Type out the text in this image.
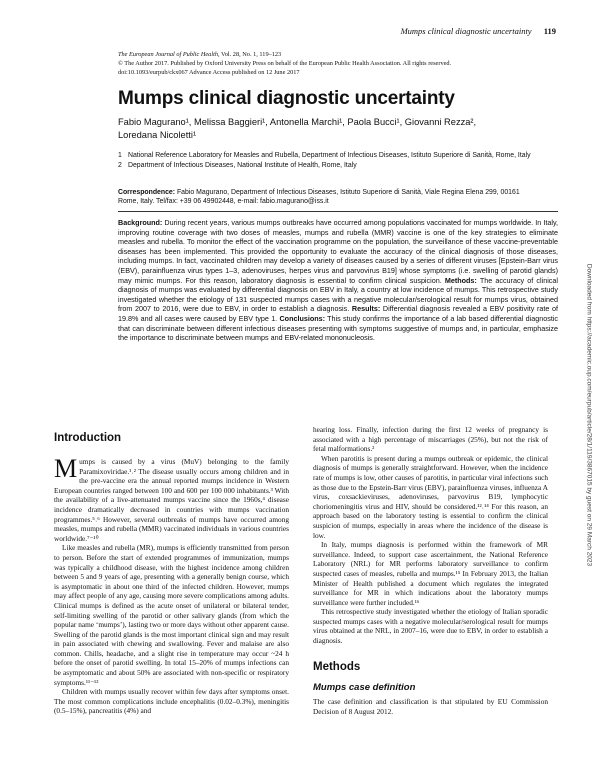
Mumps clinical diagnostic uncertainty 119
The European Journal of Public Health, Vol. 28, No. 1, 119–123
© The Author 2017. Published by Oxford University Press on behalf of the European Public Health Association. All rights reserved.
doi:10.1093/eurpub/ckx067 Advance Access published on 12 June 2017
Mumps clinical diagnostic uncertainty
Fabio Magurano¹, Melissa Baggieri¹, Antonella Marchi¹, Paola Bucci¹, Giovanni Rezza²,
Loredana Nicoletti¹
1 National Reference Laboratory for Measles and Rubella, Department of Infectious Diseases, Istituto Superiore di Sanità, Rome, Italy
2 Department of Infectious Diseases, National Institute of Health, Rome, Italy
Correspondence: Fabio Magurano, Department of Infectious Diseases, Istituto Superiore di Sanità, Viale Regina Elena 299, 00161 Rome, Italy. Tel/fax: +39 06 49902448, e-mail: fabio.magurano@iss.it
Background: During recent years, various mumps outbreaks have occurred among populations vaccinated for mumps worldwide. In Italy, improving routine coverage with two doses of measles, mumps and rubella (MMR) vaccine is one of the key strategies to eliminate measles and rubella. To monitor the effect of the vaccination programme on the population, the surveillance of these vaccine-preventable diseases has been implemented. This provided the opportunity to evaluate the accuracy of the clinical diagnosis of those diseases, including mumps. In fact, vaccinated children may develop a variety of diseases caused by a series of different viruses [Epstein-Barr virus (EBV), parainfluenza virus types 1–3, adenoviruses, herpes virus and parvovirus B19] whose symptoms (i.e. swelling of parotid glands) may mimic mumps. For this reason, laboratory diagnosis is essential to confirm clinical suspicion. Methods: The accuracy of clinical diagnosis of mumps was evaluated by differential diagnosis on EBV in Italy, a country at low incidence of mumps. This retrospective study investigated whether the etiology of 131 suspected mumps cases with a negative molecular/serological result for mumps virus, obtained from 2007 to 2016, were due to EBV, in order to establish a diagnosis. Results: Differential diagnosis revealed a EBV positivity rate of 19.8% and all cases were caused by EBV type 1. Conclusions: This study confirms the importance of a lab based differential diagnostic that can discriminate between different infectious diseases presenting with symptoms suggestive of mumps and, in particular, emphasize the importance to discriminate between mumps and EBV-related mononucleosis.
Introduction

Mumps is caused by a virus (MuV) belonging to the family Paramixoviridae.¹˒² The disease usually occurs among children and in the pre-vaccine era the annual reported mumps incidence in Western European countries ranged between 100 and 600 per 100 000 inhabitants.³ With the availability of a live-attenuated mumps vaccine since the 1960s,⁴ disease incidence dramatically decreased in countries with mumps vaccination programmes.⁵˒⁶ However, several outbreaks of mumps have occurred among measles, mumps and rubella (MMR) vaccinated individuals in various countries worldwide.⁷⁻¹⁰

Like measles and rubella (MR), mumps is efficiently transmitted from person to person. Before the start of extended programmes of immunization, mumps was typically a childhood disease, with the highest incidence among children between 5 and 9 years of age, presenting with a generally benign course, which is asymptomatic in about one third of the infected children. However, mumps may affect people of any age, causing more severe complications among adults. Clinical mumps is defined as the acute onset of unilateral or bilateral tender, self-limiting swelling of the parotid or other salivary glands (from which the popular name ‘mumps’), lasting two or more days without other apparent cause. Swelling of the parotid glands is the most important clinical sign and may result in pain associated with chewing and swallowing. Fever and malaise are also common. Chills, headache, and a slight rise in temperature may occur ~24 h before the onset of parotid swelling. In total 15–20% of mumps infections can be asymptomatic and about 50% are associated with non-specific or respiratory symptoms.¹¹⁻¹³

Children with mumps usually recover within few days after symptoms onset. The most common complications include encephalitis (0.02–0.3%), meningitis (0.5–15%), pancreatitis (4%) and

hearing loss. Finally, infection during the first 12 weeks of pregnancy is associated with a high percentage of miscarriages (25%), but not the risk of fetal malformations.²

When parotitis is present during a mumps outbreak or epidemic, the clinical diagnosis of mumps is generally straightforward. However, when the incidence rate of mumps is low, other causes of parotitis, in particular viral infections such as those due to the Epstein-Barr virus (EBV), parainfluenza viruses, influenza A virus, coxsackieviruses, adenoviruses, parvovirus B19, lymphocytic choriomeningitis virus and HIV, should be considered.¹²˒¹⁴ For this reason, an approach based on the laboratory testing is essential to confirm the clinical suspicion of mumps, especially in areas where the incidence of the disease is low.

In Italy, mumps diagnosis is performed within the framework of MR surveillance. Indeed, to support case ascertainment, the National Reference Laboratory (NRL) for MR performs laboratory surveillance to confirm suspected cases of measles, rubella and mumps.¹⁵ In February 2013, the Italian Minister of Health published a document which regulates the integrated surveillance for MR in which indications about the laboratory mumps surveillance were further included.¹⁶

This retrospective study investigated whether the etiology of Italian sporadic suspected mumps cases with a negative molecular/serological result for mumps virus obtained at the NRL, in 2007–16, were due to EBV, in order to establish a diagnosis.

Methods
Mumps case definition

The case definition and classification is that stipulated by EU Commission Decision of 8 August 2012.

Downloaded from https://academic.oup.com/eurpub/article/28/1/119/3867015 by guest on 29 March 2023
